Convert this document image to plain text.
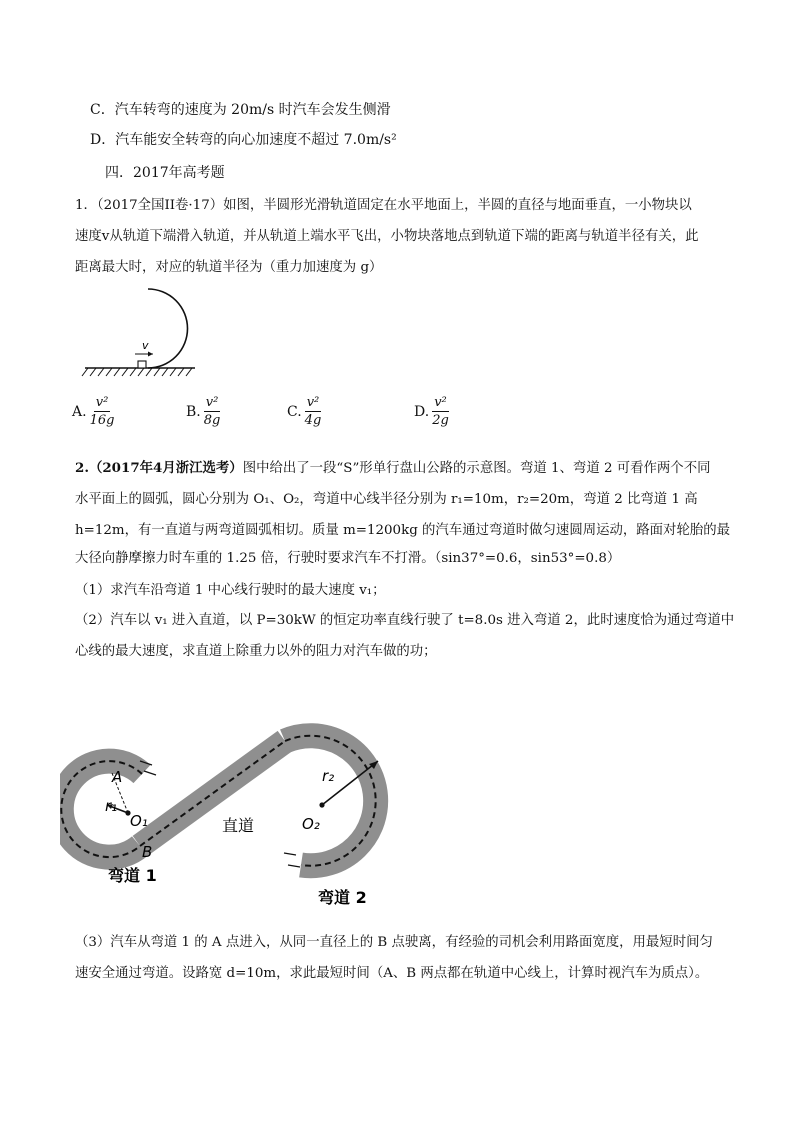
C．汽车转弯的速度为 20m/s 时汽车会发生侧滑
D．汽车能安全转弯的向心加速度不超过 7.0m/s²
四．2017年高考题
1．（2017全国II卷·17）如图，半圆形光滑轨道固定在水平地面上，半圆的直径与地面垂直，一小物块以
速度v从轨道下端滑入轨道，并从轨道上端水平飞出，小物块落地点到轨道下端的距离与轨道半径有关，此
距离最大时，对应的轨道半径为（重力加速度为 g）
v
A. $\frac{\text{v²}}{16g}$	B. $\frac{\text{v²}}{8g}$	C. $\frac{\text{v²}}{4g}$	D. $\frac{\text{v²}}{2g}$
2.（2017年4月浙江选考）图中给出了一段“S”形单行盘山公路的示意图。弯道 1、弯道 2 可看作两个不同
水平面上的圆弧，圆心分别为 O₁、O₂，弯道中心线半径分别为 r₁=10m，r₂=20m，弯道 2 比弯道 1 高
h=12m，有一直道与两弯道圆弧相切。质量 m=1200kg 的汽车通过弯道时做匀速圆周运动，路面对轮胎的最
大径向静摩擦力时车重的 1.25 倍，行驶时要求汽车不打滑。（sin37°=0.6，sin53°=0.8）
（1）求汽车沿弯道 1 中心线行驶时的最大速度 v₁；
（2）汽车以 v₁ 进入直道，以 P=30kW 的恒定功率直线行驶了 t=8.0s 进入弯道 2，此时速度恰为通过弯道中
心线的最大速度，求直道上除重力以外的阻力对汽车做的功；
A
r₁
O₁
B
直道
r₂
O₂
弯道 1
弯道 2
（3）汽车从弯道 1 的 A 点进入，从同一直径上的 B 点驶离，有经验的司机会利用路面宽度，用最短时间匀
速安全通过弯道。设路宽 d=10m，求此最短时间（A、B 两点都在轨道中心线上，计算时视汽车为质点）。
